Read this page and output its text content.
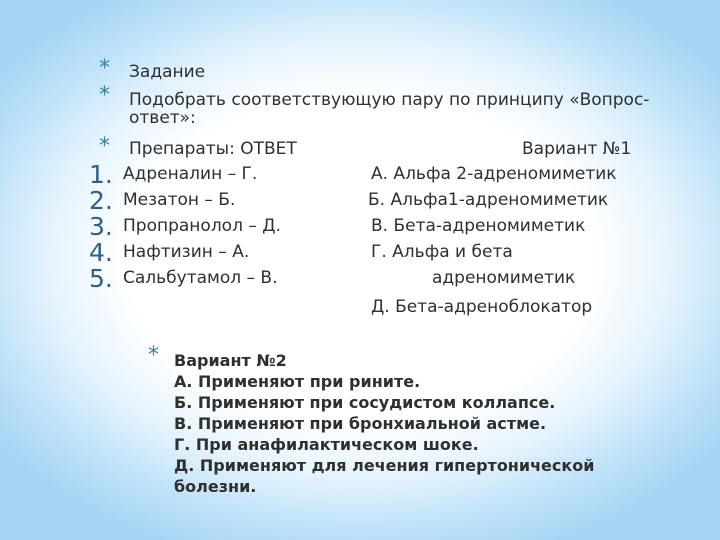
*
*
*
Задание
Подобрать соответствующую пару по принципу «Вопрос-
ответ»:
Препараты: ОТВЕТ	Вариант №1
1. Адреналин – Г.
2. Мезатон – Б.
3. Пропранолол – Д.
4. Нафтизин – А.
5. Сальбутамол – В.
А. Альфа 2-адреномиметик
Б. Альфа1-адреномиметик
В. Бета-адреномиметик
Г. Альфа и бета
адреномиметик
Д. Бета-адреноблокатор
* Вариант №2
А. Применяют при рините.
Б. Применяют при сосудистом коллапсе.
В. Применяют при бронхиальной астме.
Г. При анафилактическом шоке.
Д. Применяют для лечения гипертонической
болезни.
